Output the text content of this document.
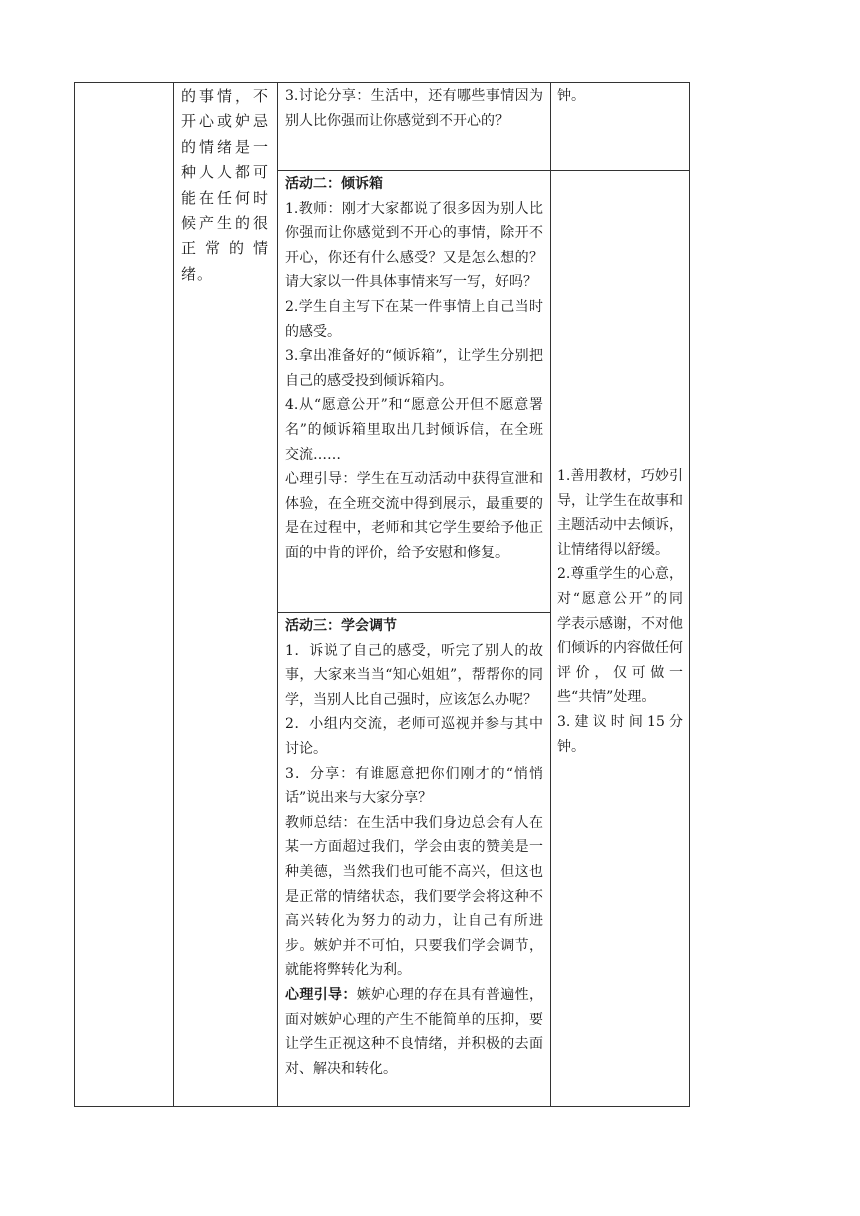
的事情，不开心或妒忌的情绪是一种人人都可能在任何时候产生的很正常的情绪。

3.讨论分享：生活中，还有哪些事情因为别人比你强而让你感觉到不开心的？

钟。

活动二：倾诉箱

1.教师：刚才大家都说了很多因为别人比你强而让你感觉到不开心的事情，除开不开心，你还有什么感受？又是怎么想的？请大家以一件具体事情来写一写，好吗？

2.学生自主写下在某一件事情上自己当时的感受。

3.拿出准备好的“倾诉箱”，让学生分别把自己的感受投到倾诉箱内。

4.从“愿意公开”和“愿意公开但不愿意署名”的倾诉箱里取出几封倾诉信，在全班交流……

心理引导：学生在互动活动中获得宣泄和体验，在全班交流中得到展示，最重要的是在过程中，老师和其它学生要给予他正面的中肯的评价，给予安慰和修复。

活动三：学会调节

1．诉说了自己的感受，听完了别人的故事，大家来当当“知心姐姐”，帮帮你的同学，当别人比自己强时，应该怎么办呢？

2．小组内交流，老师可巡视并参与其中讨论。

3．分享：有谁愿意把你们刚才的“悄悄话”说出来与大家分享？

教师总结：在生活中我们身边总会有人在某一方面超过我们，学会由衷的赞美是一种美德，当然我们也可能不高兴，但这也是正常的情绪状态，我们要学会将这种不高兴转化为努力的动力，让自己有所进步。嫉妒并不可怕，只要我们学会调节，就能将弊转化为利。

心理引导：嫉妒心理的存在具有普遍性，面对嫉妒心理的产生不能简单的压抑，要让学生正视这种不良情绪，并积极的去面对、解决和转化。

1.善用教材，巧妙引导，让学生在故事和主题活动中去倾诉，让情绪得以舒缓。

2.尊重学生的心意，对“愿意公开”的同学表示感谢，不对他们倾诉的内容做任何评价，仅可做一些“共情”处理。

3.建议时间15分钟。
